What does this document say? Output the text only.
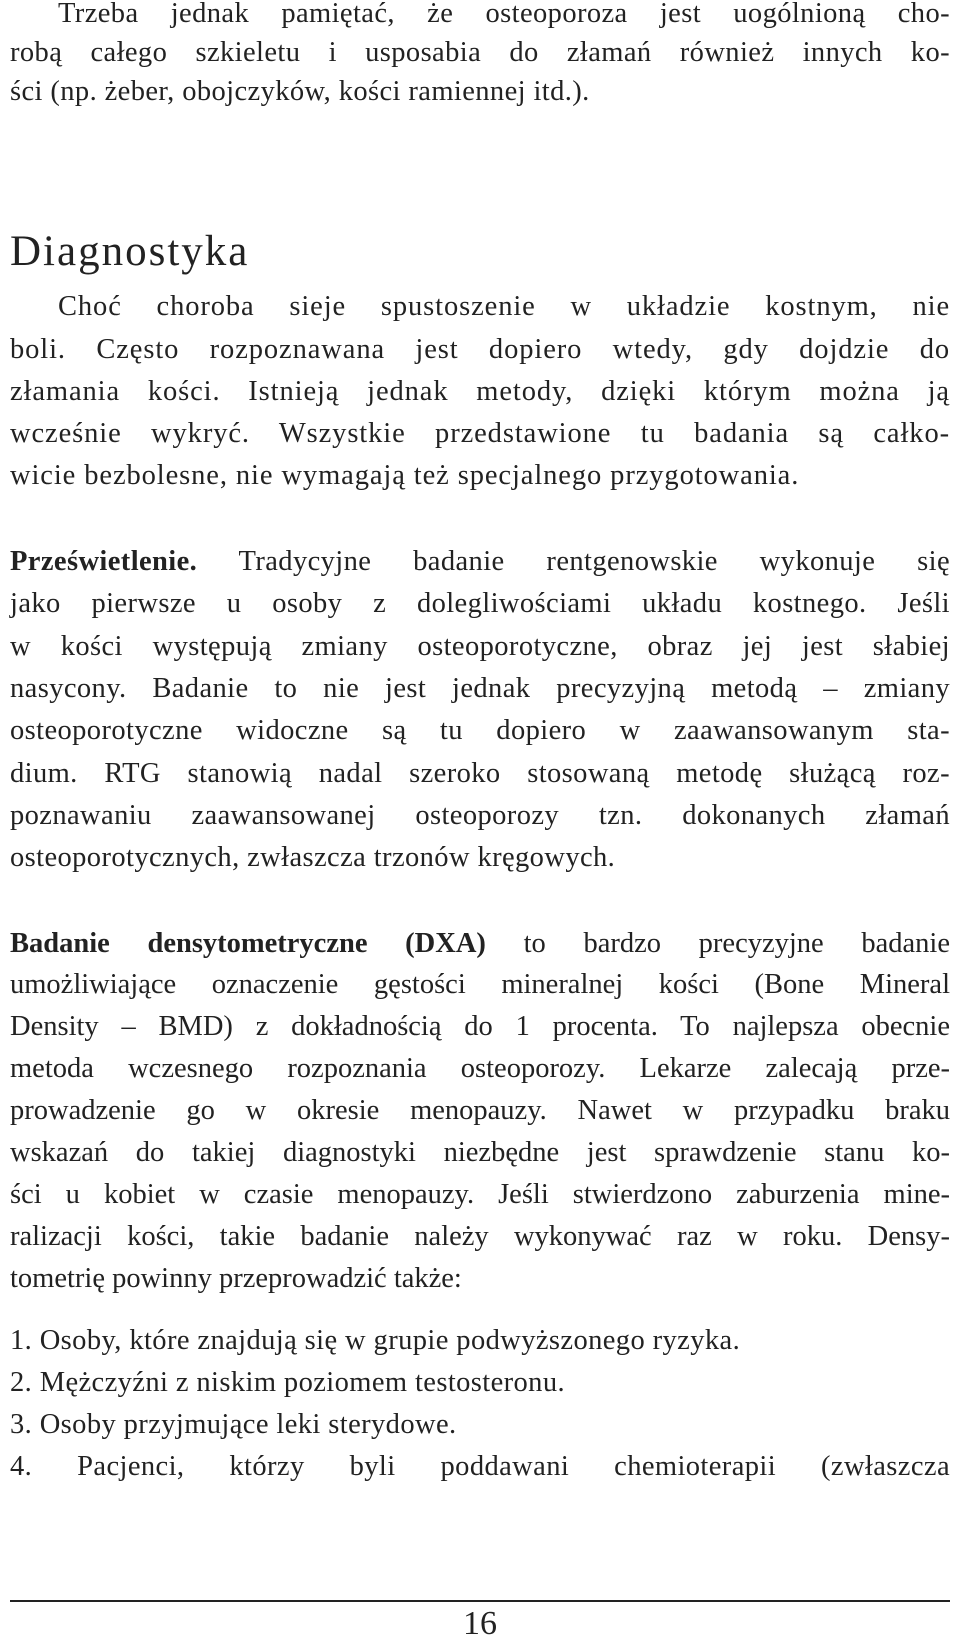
Trzeba jednak pamiętać, że osteoporoza jest uogólnioną cho-
robą całego szkieletu i usposabia do złamań również innych ko-
ści (np. żeber, obojczyków, kości ramiennej itd.).
Diagnostyka
Choć choroba sieje spustoszenie w układzie kostnym, nie
boli. Często rozpoznawana jest dopiero wtedy, gdy dojdzie do
złamania kości. Istnieją jednak metody, dzięki którym można ją
wcześnie wykryć. Wszystkie przedstawione tu badania są całko-
wicie bezbolesne, nie wymagają też specjalnego przygotowania.
Prześwietlenie. Tradycyjne badanie rentgenowskie wykonuje się
jako pierwsze u osoby z dolegliwościami układu kostnego. Jeśli
w kości występują zmiany osteoporotyczne, obraz jej jest słabiej
nasycony. Badanie to nie jest jednak precyzyjną metodą – zmiany
osteoporotyczne widoczne są tu dopiero w zaawansowanym sta-
dium. RTG stanowią nadal szeroko stosowaną metodę służącą roz-
poznawaniu zaawansowanej osteoporozy tzn. dokonanych złamań
osteoporotycznych, zwłaszcza trzonów kręgowych.
Badanie densytometryczne (DXA) to bardzo precyzyjne badanie
umożliwiające oznaczenie gęstości mineralnej kości (Bone Mineral
Density – BMD) z dokładnością do 1 procenta. To najlepsza obecnie
metoda wczesnego rozpoznania osteoporozy. Lekarze zalecają prze-
prowadzenie go w okresie menopauzy. Nawet w przypadku braku
wskazań do takiej diagnostyki niezbędne jest sprawdzenie stanu ko-
ści u kobiet w czasie menopauzy. Jeśli stwierdzono zaburzenia mine-
ralizacji kości, takie badanie należy wykonywać raz w roku. Densy-
tometrię powinny przeprowadzić także:
1. Osoby, które znajdują się w grupie podwyższonego ryzyka.
2. Mężczyźni z niskim poziomem testosteronu.
3. Osoby przyjmujące leki sterydowe.
4. Pacjenci, którzy byli poddawani chemioterapii (zwłaszcza
16
